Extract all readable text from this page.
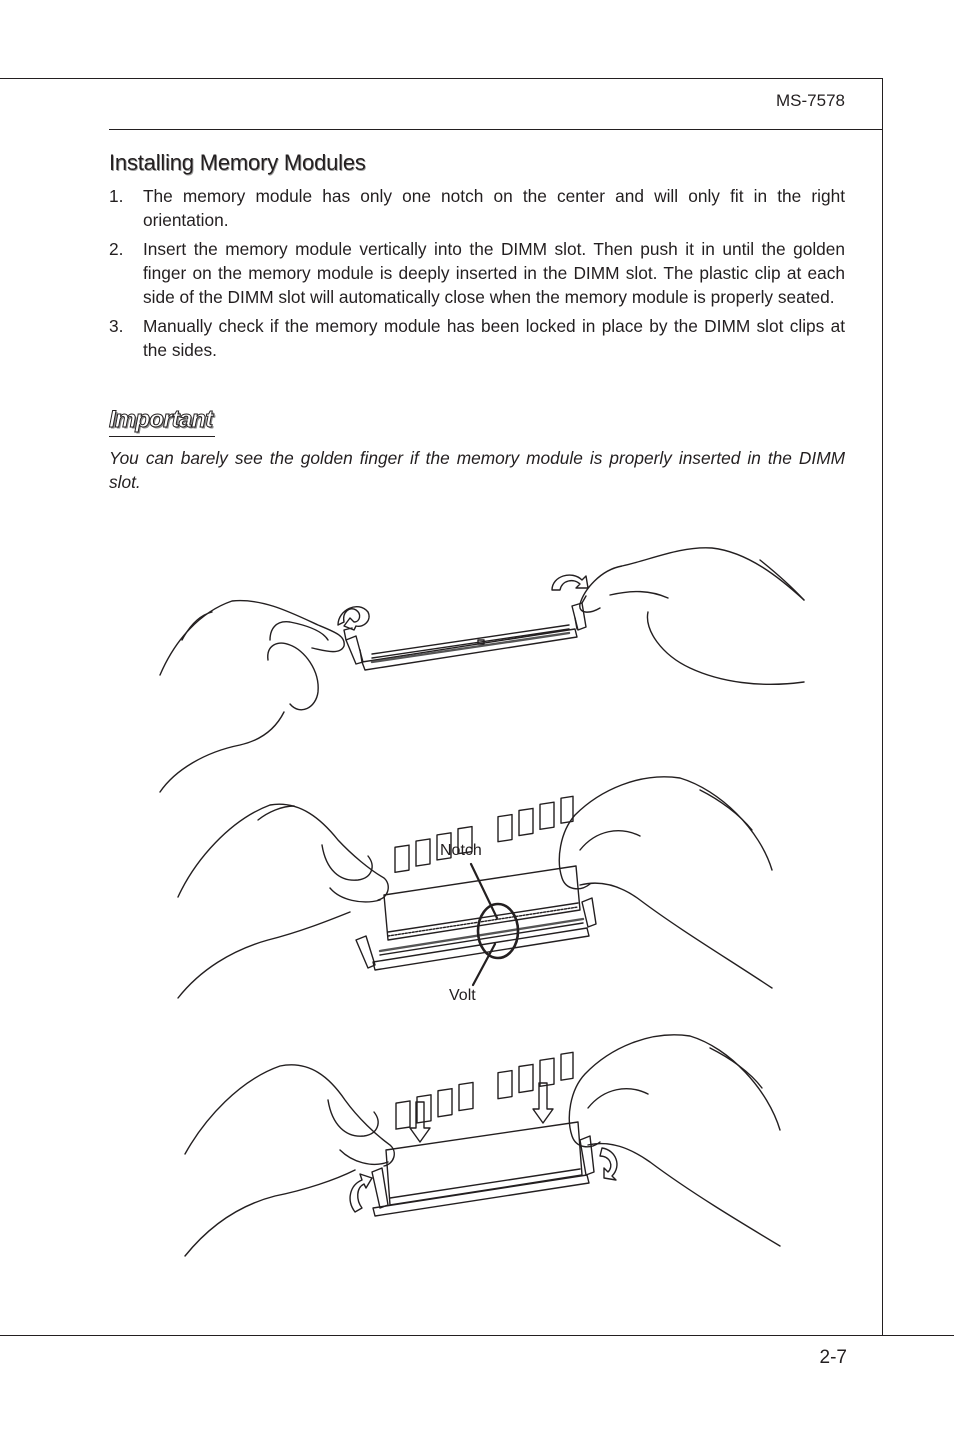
MS-7578
Installing Memory Modules
1. The memory module has only one notch on the center and will only fit in the right orientation.
2. Insert the memory module vertically into the DIMM slot. Then push it in until the golden finger on the memory module is deeply inserted in the DIMM slot. The plastic clip at each side of the DIMM slot will automatically close when the memory module is properly seated.
3. Manually check if the memory module has been locked in place by the DIMM slot clips at the sides.
Important

You can barely see the golden finger if the memory module is properly inserted in the DIMM slot.

Notch
Volt
2-7
